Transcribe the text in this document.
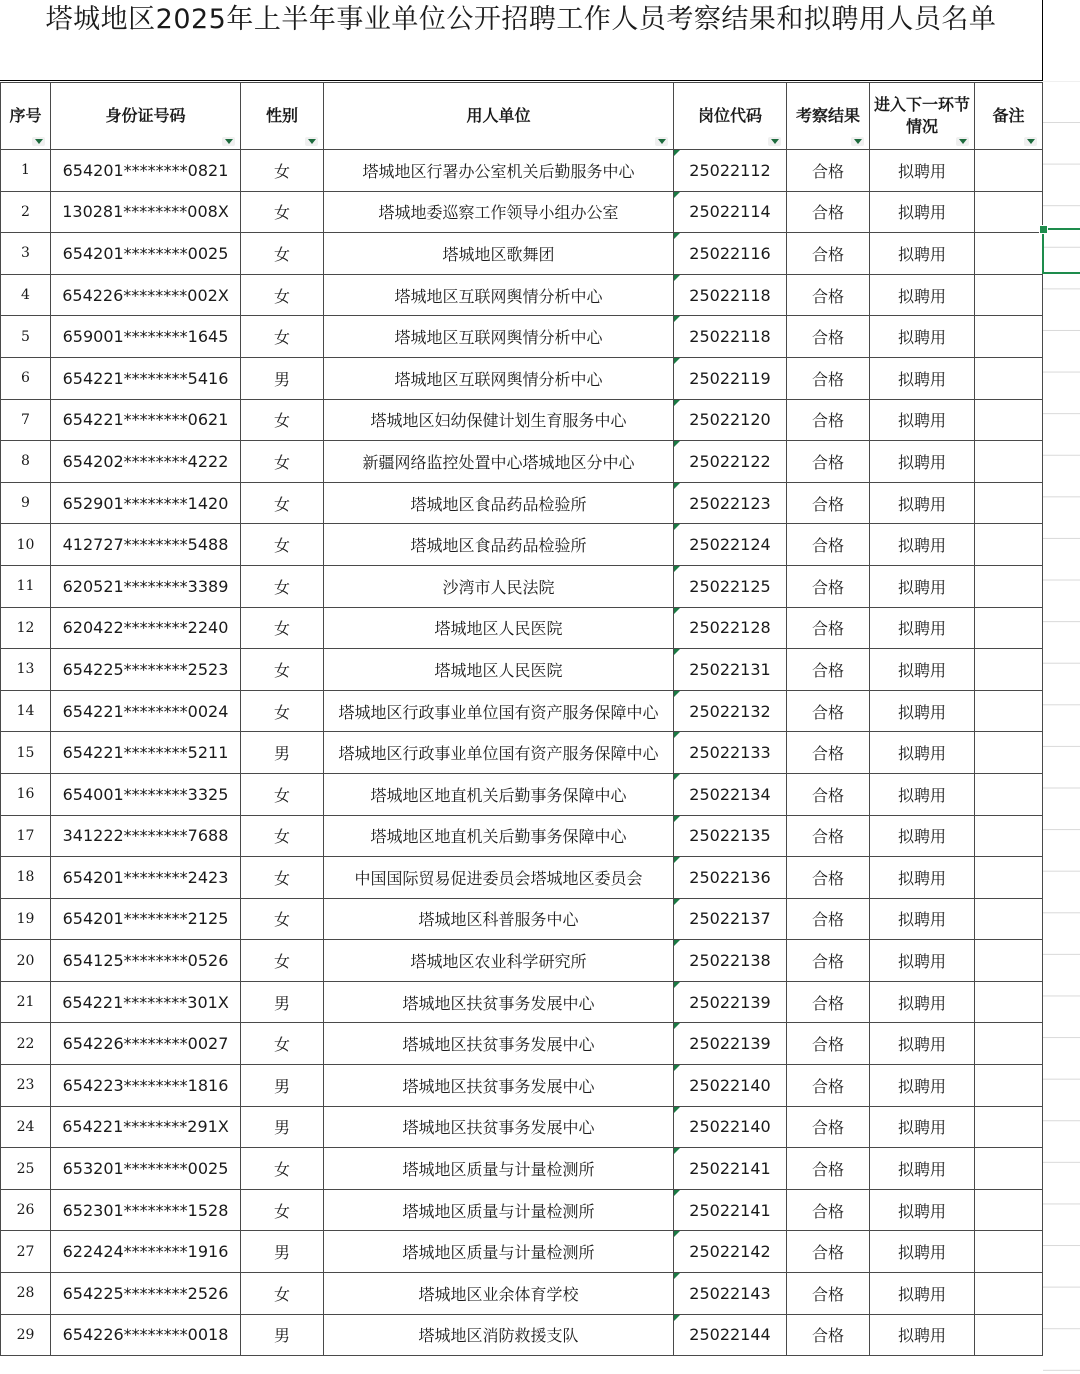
塔城地区2025年上半年事业单位公开招聘工作人员考察结果和拟聘用人员名单
序号	身份证号码	性别	用人单位	岗位代码	考察结果	进入下一环节情况	备注

1	654201********0821	女	塔城地区行署办公室机关后勤服务中心	25022112	合格	拟聘用	
2	130281********008X	女	塔城地委巡察工作领导小组办公室	25022114	合格	拟聘用	
3	654201********0025	女	塔城地区歌舞团	25022116	合格	拟聘用	
4	654226********002X	女	塔城地区互联网舆情分析中心	25022118	合格	拟聘用	
5	659001********1645	女	塔城地区互联网舆情分析中心	25022118	合格	拟聘用	
6	654221********5416	男	塔城地区互联网舆情分析中心	25022119	合格	拟聘用	
7	654221********0621	女	塔城地区妇幼保健计划生育服务中心	25022120	合格	拟聘用	
8	654202********4222	女	新疆网络监控处置中心塔城地区分中心	25022122	合格	拟聘用	
9	652901********1420	女	塔城地区食品药品检验所	25022123	合格	拟聘用	
10	412727********5488	女	塔城地区食品药品检验所	25022124	合格	拟聘用	
11	620521********3389	女	沙湾市人民法院	25022125	合格	拟聘用	
12	620422********2240	女	塔城地区人民医院	25022128	合格	拟聘用	
13	654225********2523	女	塔城地区人民医院	25022131	合格	拟聘用	
14	654221********0024	女	塔城地区行政事业单位国有资产服务保障中心	25022132	合格	拟聘用	
15	654221********5211	男	塔城地区行政事业单位国有资产服务保障中心	25022133	合格	拟聘用	
16	654001********3325	女	塔城地区地直机关后勤事务保障中心	25022134	合格	拟聘用	
17	341222********7688	女	塔城地区地直机关后勤事务保障中心	25022135	合格	拟聘用	
18	654201********2423	女	中国国际贸易促进委员会塔城地区委员会	25022136	合格	拟聘用	
19	654201********2125	女	塔城地区科普服务中心	25022137	合格	拟聘用	
20	654125********0526	女	塔城地区农业科学研究所	25022138	合格	拟聘用	
21	654221********301X	男	塔城地区扶贫事务发展中心	25022139	合格	拟聘用	
22	654226********0027	女	塔城地区扶贫事务发展中心	25022139	合格	拟聘用	
23	654223********1816	男	塔城地区扶贫事务发展中心	25022140	合格	拟聘用	
24	654221********291X	男	塔城地区扶贫事务发展中心	25022140	合格	拟聘用	
25	653201********0025	女	塔城地区质量与计量检测所	25022141	合格	拟聘用	
26	652301********1528	女	塔城地区质量与计量检测所	25022141	合格	拟聘用	
27	622424********1916	男	塔城地区质量与计量检测所	25022142	合格	拟聘用	
28	654225********2526	女	塔城地区业余体育学校	25022143	合格	拟聘用	
29	654226********0018	男	塔城地区消防救援支队	25022144	合格	拟聘用	
